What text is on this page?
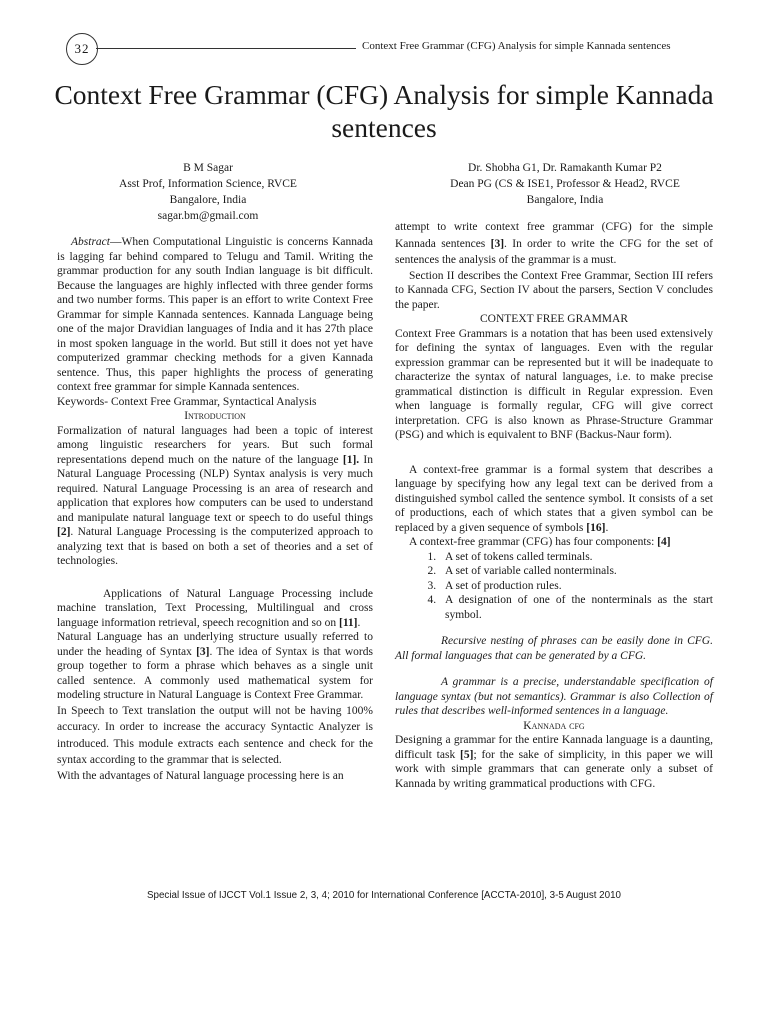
32	Context Free Grammar (CFG) Analysis for simple Kannada sentences
Context Free Grammar (CFG) Analysis for simple Kannada sentences
B M Sagar
Asst Prof, Information Science, RVCE
Bangalore, India
sagar.bm@gmail.com
Dr. Shobha G1, Dr. Ramakanth Kumar P2
Dean PG (CS & ISE1, Professor & Head2, RVCE
Bangalore, India

Abstract—When Computational Linguistic is concerns Kannada is lagging far behind compared to Telugu and Tamil. Writing the grammar production for any south Indian language is bit difficult. Because the languages are highly inflected with three gender forms and two number forms. This paper is an effort to write Context Free Grammar for simple Kannada sentences. Kannada Language being one of the major Dravidian languages of India and it has 27th place in most spoken language in the world. But still it does not yet have computerized grammar checking methods for a given Kannada sentence. Thus, this paper highlights the process of generating context free grammar for simple Kannada sentences.

Keywords- Context Free Grammar, Syntactical Analysis

Introduction

Formalization of natural languages had been a topic of interest among linguistic researchers for years. But such formal representations depend much on the nature of the language [1]. In Natural Language Processing (NLP) Syntax analysis is very much required. Natural Language Processing is an area of research and application that explores how computers can be used to understand and manipulate natural language text or speech to do useful things [2]. Natural Language Processing is the computerized approach to analyzing text that is based on both a set of theories and a set of technologies.

Applications of Natural Language Processing include machine translation, Text Processing, Multilingual and cross language information retrieval, speech recognition and so on [11].

Natural Language has an underlying structure usually referred to under the heading of Syntax [3]. The idea of Syntax is that words group together to form a phrase which behaves as a single unit called sentence. A commonly used mathematical system for modeling structure in Natural Language is Context Free Grammar.

In Speech to Text translation the output will not be having 100% accuracy. In order to increase the accuracy Syntactic Analyzer is introduced. This module extracts each sentence and check for the syntax according to the grammar that is selected.

With the advantages of Natural language processing here is an

attempt to write context free grammar (CFG) for the simple Kannada sentences [3]. In order to write the CFG for the set of sentences the analysis of the grammar is a must.

Section II describes the Context Free Grammar, Section III refers to Kannada CFG, Section IV about the parsers, Section V concludes the paper.

CONTEXT FREE GRAMMAR

Context Free Grammars is a notation that has been used extensively for defining the syntax of languages. Even with the regular expression grammar can be represented but it will be inadequate to characterize the syntax of natural languages, i.e. to make precise grammatical distinction is difficult in Regular expression. Even when language is formally regular, CFG will give correct interpretation. CFG is also known as Phrase-Structure Grammar (PSG) and which is equivalent to BNF (Backus-Naur form).

A context-free grammar is a formal system that describes a language by specifying how any legal text can be derived from a distinguished symbol called the sentence symbol. It consists of a set of productions, each of which states that a given symbol can be replaced by a given sequence of symbols [16].

A context-free grammar (CFG) has four components: [4]

1. A set of tokens called terminals.
2. A set of variable called nonterminals.
3. A set of production rules.
4. A designation of one of the nonterminals as the start symbol.

Recursive nesting of phrases can be easily done in CFG. All formal languages that can be generated by a CFG.

A grammar is a precise, understandable specification of language syntax (but not semantics). Grammar is also Collection of rules that describes well-informed sentences in a language.

Kannada cfg

Designing a grammar for the entire Kannada language is a daunting, difficult task [5]; for the sake of simplicity, in this paper we will work with simple grammars that can generate only a subset of Kannada by writing grammatical productions with CFG.

Special Issue of IJCCT Vol.1 Issue 2, 3, 4; 2010 for International Conference [ACCTA-2010], 3-5 August 2010
